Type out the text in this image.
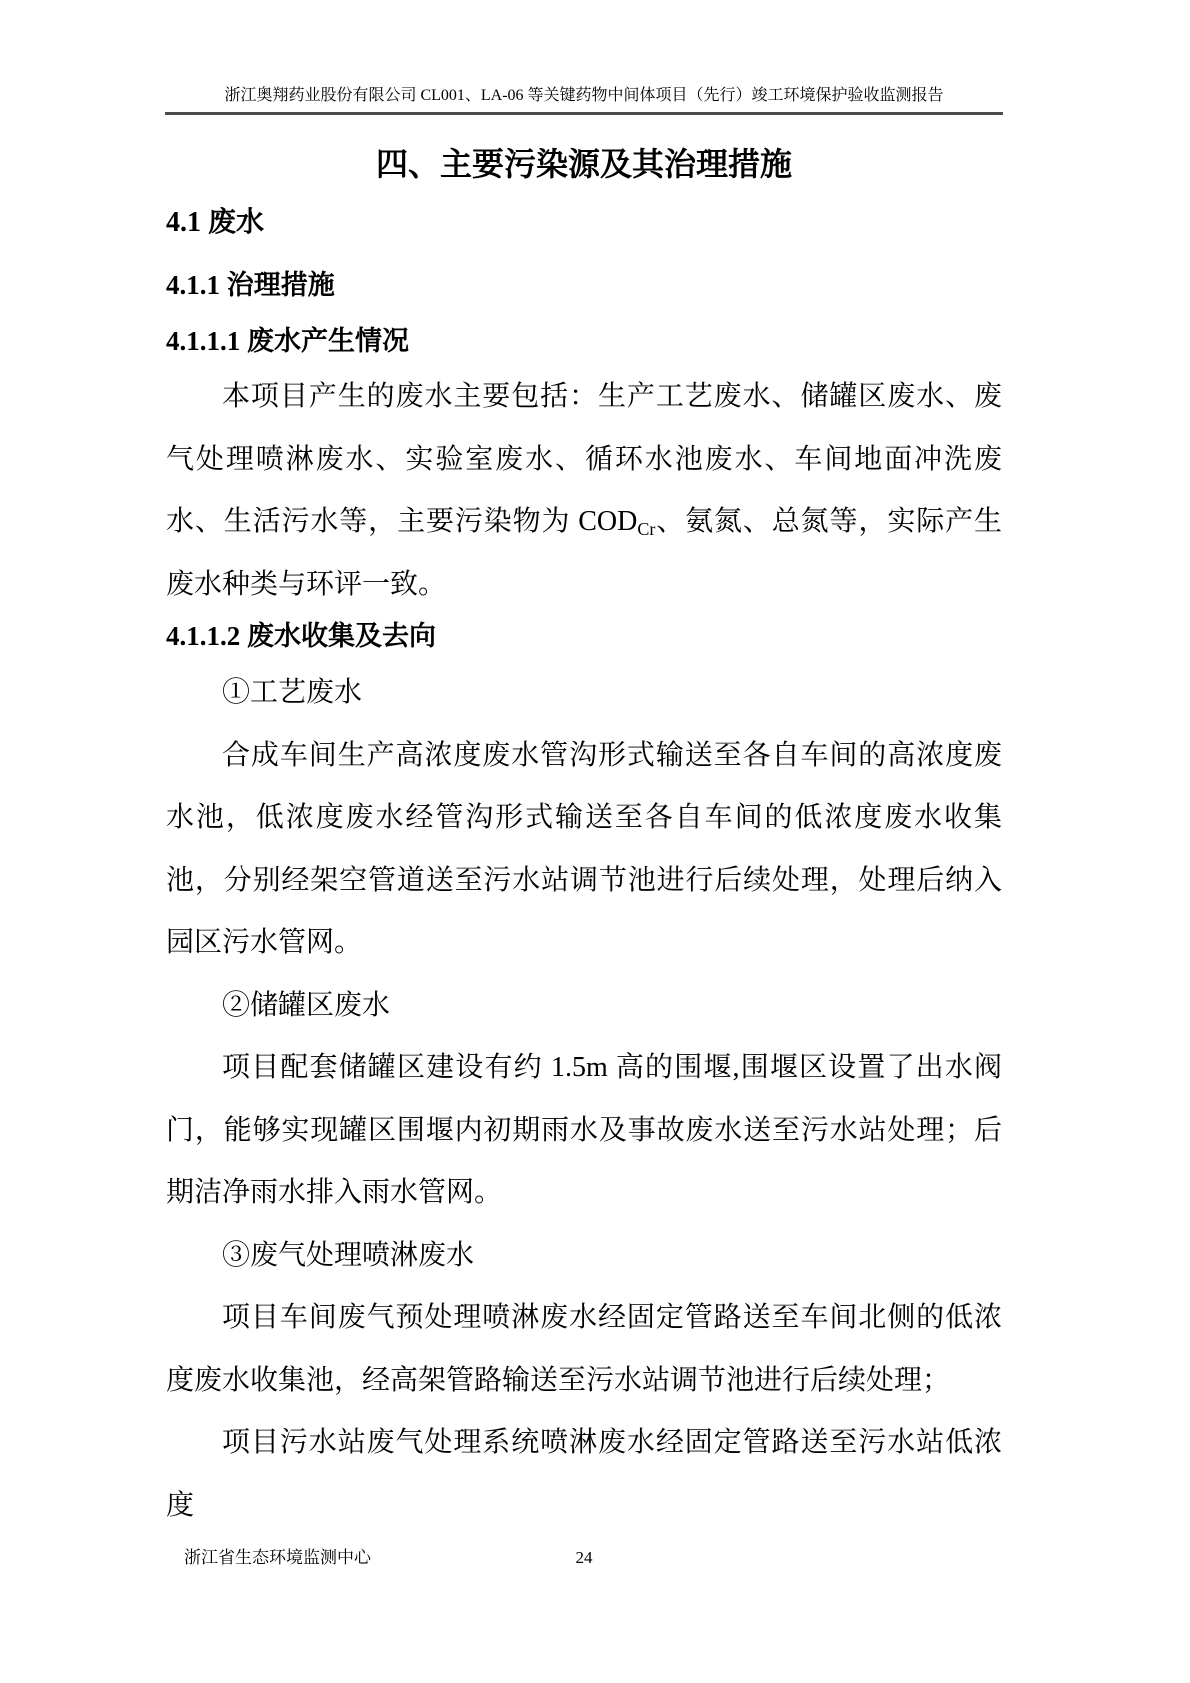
浙江奥翔药业股份有限公司 CL001、LA-06 等关键药物中间体项目（先行）竣工环境保护验收监测报告
四、主要污染源及其治理措施
4.1 废水
4.1.1 治理措施
4.1.1.1 废水产生情况

本项目产生的废水主要包括：生产工艺废水、储罐区废水、废气处理喷淋废水、实验室废水、循环水池废水、车间地面冲洗废水、生活污水等，主要污染物为 $COD_{Cr}$、氨氮、总氮等，实际产生废水种类与环评一致。

4.1.1.2 废水收集及去向

①工艺废水

合成车间生产高浓度废水管沟形式输送至各自车间的高浓度废水池，低浓度废水经管沟形式输送至各自车间的低浓度废水收集池，分别经架空管道送至污水站调节池进行后续处理，处理后纳入园区污水管网。

②储罐区废水

项目配套储罐区建设有约 1.5m 高的围堰,围堰区设置了出水阀门，能够实现罐区围堰内初期雨水及事故废水送至污水站处理；后期洁净雨水排入雨水管网。

③废气处理喷淋废水

项目车间废气预处理喷淋废水经固定管路送至车间北侧的低浓度废水收集池，经高架管路输送至污水站调节池进行后续处理；

项目污水站废气处理系统喷淋废水经固定管路送至污水站低浓度

浙江省生态环境监测中心	24
